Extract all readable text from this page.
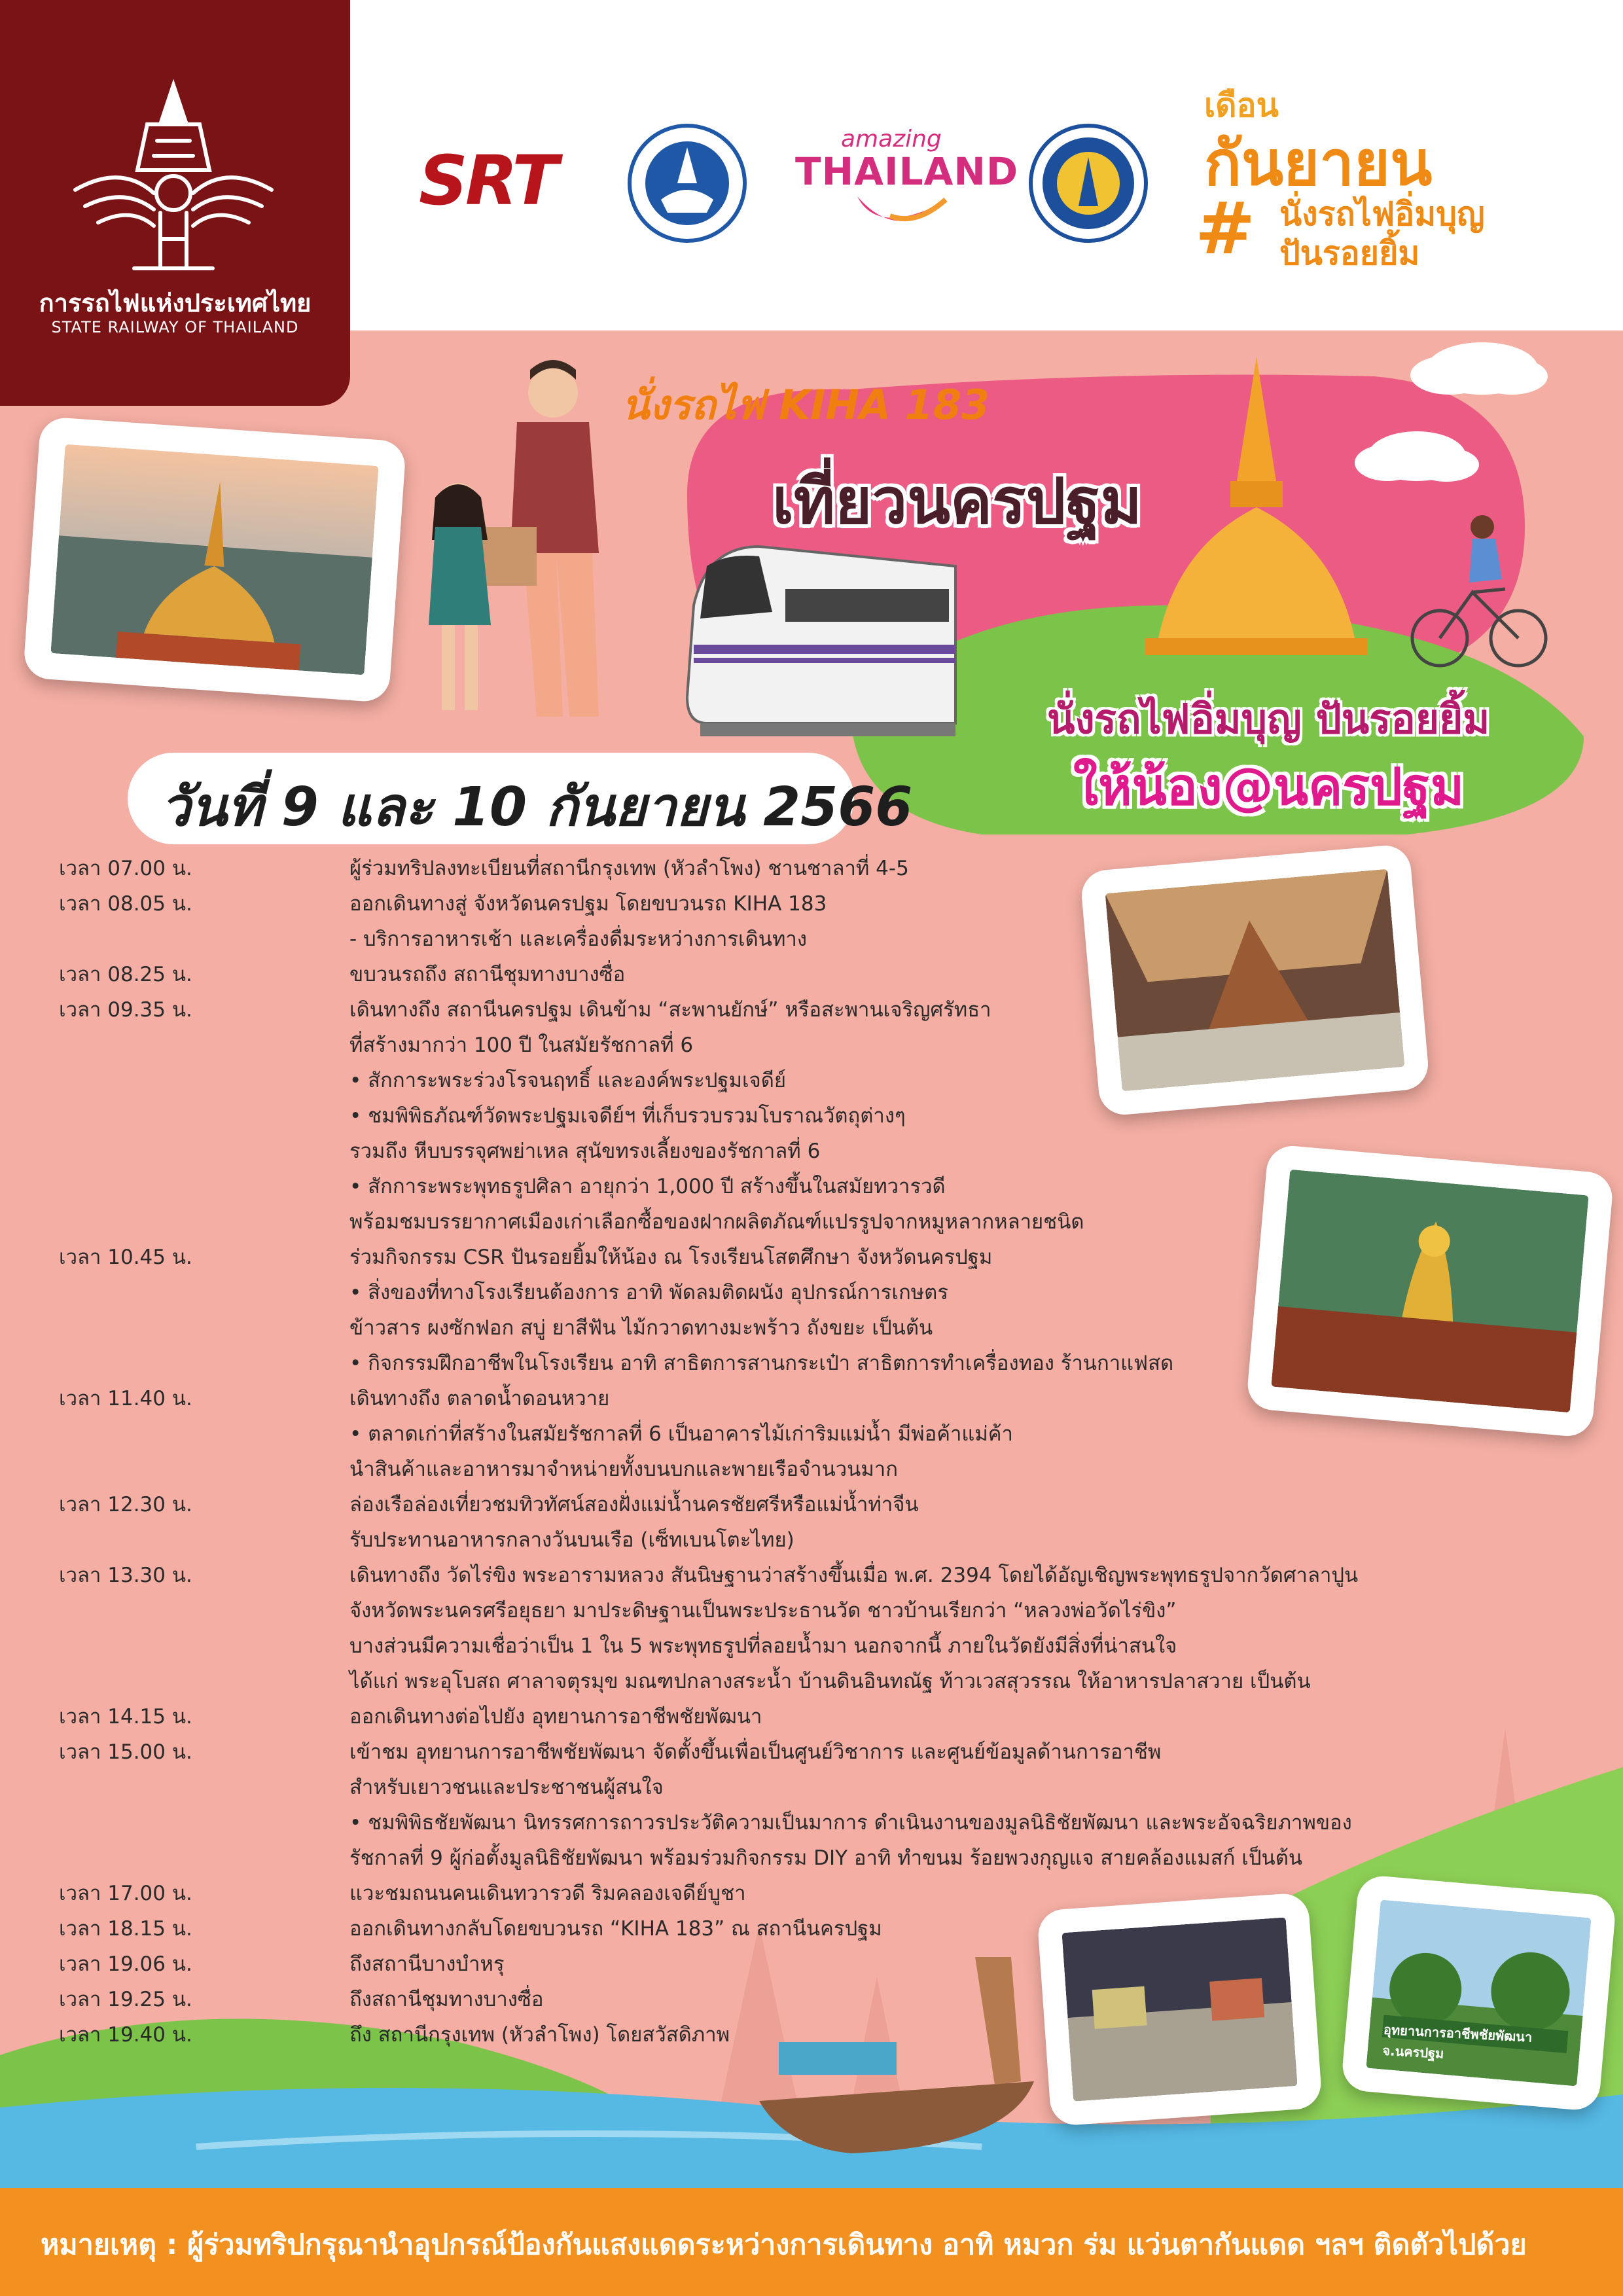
การรถไฟแห่งประเทศไทย
STATE RAILWAY OF THAILAND
SRT
amazing
THAILAND
เดือน
กันยายน
# นั่งรถไฟอิ่มบุญ
ปันรอยยิ้ม
นั่งรถไฟ KIHA 183
เที่ยวนครปฐม
นั่งรถไฟอิ่มบุญ ปันรอยยิ้ม
ให้น้อง@นครปฐม
วันที่ 9 และ 10 กันยายน 2566
เวลา 07.00 น.	ผู้ร่วมทริปลงทะเบียนที่สถานีกรุงเทพ (หัวลำโพง) ชานชาลาที่ 4-5
เวลา 08.05 น.	ออกเดินทางสู่ จังหวัดนครปฐม โดยขบวนรถ KIHA 183
- บริการอาหารเช้า และเครื่องดื่มระหว่างการเดินทาง
เวลา 08.25 น.	ขบวนรถถึง สถานีชุมทางบางซื่อ
เวลา 09.35 น.	เดินทางถึง สถานีนครปฐม เดินข้าม “สะพานยักษ์” หรือสะพานเจริญศรัทธา
ที่สร้างมากว่า 100 ปี ในสมัยรัชกาลที่ 6
• สักการะพระร่วงโรจนฤทธิ์ และองค์พระปฐมเจดีย์
• ชมพิพิธภัณฑ์วัดพระปฐมเจดีย์ฯ ที่เก็บรวบรวมโบราณวัตถุต่างๆ
รวมถึง หีบบรรจุศพย่าเหล สุนัขทรงเลี้ยงของรัชกาลที่ 6
• สักการะพระพุทธรูปศิลา อายุกว่า 1,000 ปี สร้างขึ้นในสมัยทวารวดี
พร้อมชมบรรยากาศเมืองเก่าเลือกซื้อของฝากผลิตภัณฑ์แปรรูปจากหมูหลากหลายชนิด
เวลา 10.45 น.	ร่วมกิจกรรม CSR ปันรอยยิ้มให้น้อง ณ โรงเรียนโสตศึกษา จังหวัดนครปฐม
• สิ่งของที่ทางโรงเรียนต้องการ อาทิ พัดลมติดผนัง อุปกรณ์การเกษตร
ข้าวสาร ผงซักฟอก สบู่ ยาสีฟัน ไม้กวาดทางมะพร้าว ถังขยะ เป็นต้น
• กิจกรรมฝึกอาชีพในโรงเรียน อาทิ สาธิตการสานกระเป๋า สาธิตการทำเครื่องทอง ร้านกาแฟสด
เวลา 11.40 น.	เดินทางถึง ตลาดน้ำดอนหวาย
• ตลาดเก่าที่สร้างในสมัยรัชกาลที่ 6 เป็นอาคารไม้เก่าริมแม่น้ำ มีพ่อค้าแม่ค้า
นำสินค้าและอาหารมาจำหน่ายทั้งบนบกและพายเรือจำนวนมาก
เวลา 12.30 น.	ล่องเรือล่องเที่ยวชมทิวทัศน์สองฝั่งแม่น้ำนครชัยศรีหรือแม่น้ำท่าจีน
รับประทานอาหารกลางวันบนเรือ (เซ็ทเบนโตะไทย)
เวลา 13.30 น.	เดินทางถึง วัดไร่ขิง พระอารามหลวง สันนิษฐานว่าสร้างขึ้นเมื่อ พ.ศ. 2394 โดยได้อัญเชิญพระพุทธรูปจากวัดศาลาปูน
จังหวัดพระนครศรีอยุธยา มาประดิษฐานเป็นพระประธานวัด ชาวบ้านเรียกว่า “หลวงพ่อวัดไร่ขิง”
บางส่วนมีความเชื่อว่าเป็น 1 ใน 5 พระพุทธรูปที่ลอยน้ำมา นอกจากนี้ ภายในวัดยังมีสิ่งที่น่าสนใจ
ได้แก่ พระอุโบสถ ศาลาจตุรมุข มณฑปกลางสระน้ำ บ้านดินอินทณัฐ ท้าวเวสสุวรรณ ให้อาหารปลาสวาย เป็นต้น
เวลา 14.15 น.	ออกเดินทางต่อไปยัง อุทยานการอาชีพชัยพัฒนา
เวลา 15.00 น.	เข้าชม อุทยานการอาชีพชัยพัฒนา จัดตั้งขึ้นเพื่อเป็นศูนย์วิชาการ และศูนย์ข้อมูลด้านการอาชีพ
สำหรับเยาวชนและประชาชนผู้สนใจ
• ชมพิพิธชัยพัฒนา นิทรรศการถาวรประวัติความเป็นมาการ ดำเนินงานของมูลนิธิชัยพัฒนา และพระอัจฉริยภาพของ
รัชกาลที่ 9 ผู้ก่อตั้งมูลนิธิชัยพัฒนา พร้อมร่วมกิจกรรม DIY อาทิ ทำขนม ร้อยพวงกุญแจ สายคล้องแมสก์ เป็นต้น
เวลา 17.00 น.	แวะชมถนนคนเดินทวารวดี ริมคลองเจดีย์บูชา
เวลา 18.15 น.	ออกเดินทางกลับโดยขบวนรถ “KIHA 183” ณ สถานีนครปฐม
เวลา 19.06 น.	ถึงสถานีบางบำหรุ
เวลา 19.25 น.	ถึงสถานีชุมทางบางซื่อ
เวลา 19.40 น.	ถึง สถานีกรุงเทพ (หัวลำโพง) โดยสวัสดิภาพ	อุทยานการอาชีพชัยพัฒนา จ.นครปฐม
หมายเหตุ : ผู้ร่วมทริปกรุณานำอุปกรณ์ป้องกันแสงแดดระหว่างการเดินทาง อาทิ หมวก ร่ม แว่นตากันแดด ฯลฯ ติดตัวไปด้วย
